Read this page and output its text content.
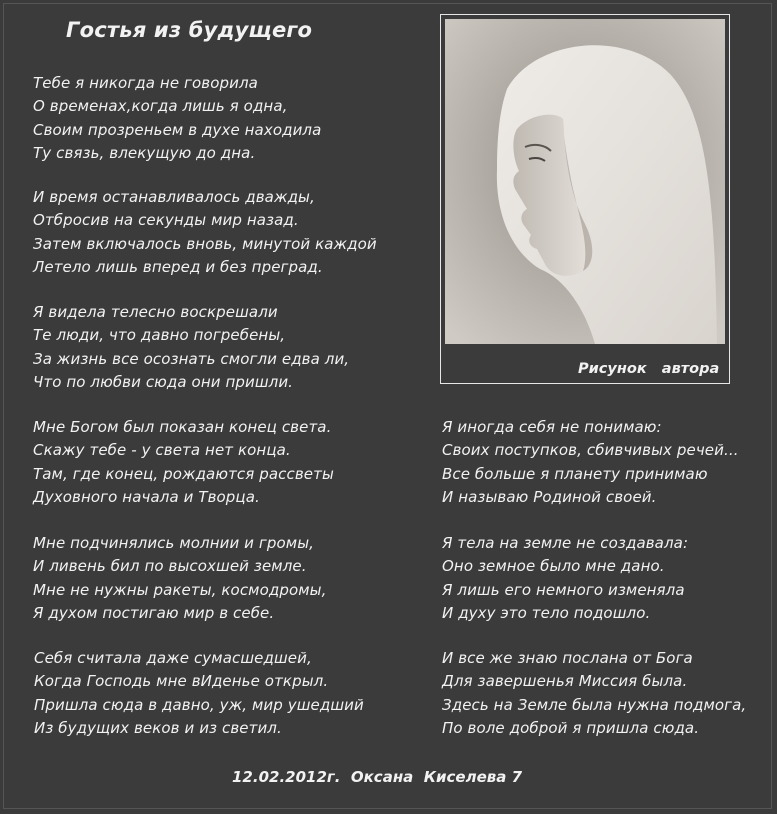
Гостья из будущего
Тебе я никогда не говорила
О временах,когда лишь я одна,
Своим прозреньем в духе находила
Ту связь, влекущую до дна.
И время останавливалось дважды,
Отбросив на секунды мир назад.
Затем включалось вновь, минутой каждой
Летело лишь вперед и без преград.
Я видела телесно воскрешали
Те люди, что давно погребены,
За жизнь все осознать смогли едва ли,
Что по любви сюда они пришли.
Мне Богом был показан конец света.
Скажу тебе - у света нет конца.
Там, где конец, рождаются рассветы
Духовного начала и Творца.
Мне подчинялись молнии и громы,
И ливень бил по высохшей земле.
Мне не нужны ракеты, космодромы,
Я духом постигаю мир в себе.
Себя считала даже сумасшедшей,
Когда Господь мне вИденье открыл.
Пришла сюда в давно, уж, мир ушедший
Из будущих веков и из светил.
Я иногда себя не понимаю:
Своих поступков, сбивчивых речей...
Все больше я планету принимаю
И называю Родиной своей.
Я тела на земле не создавала:
Оно земное было мне дано.
Я лишь его немного изменяла
И духу это тело подошло.
И все же знаю послана от Бога
Для завершенья Миссия была.
Здесь на Земле была нужна подмога,
По воле доброй я пришла сюда.
Рисунок   автора
12.02.2012г.  Оксана  Киселева 7
